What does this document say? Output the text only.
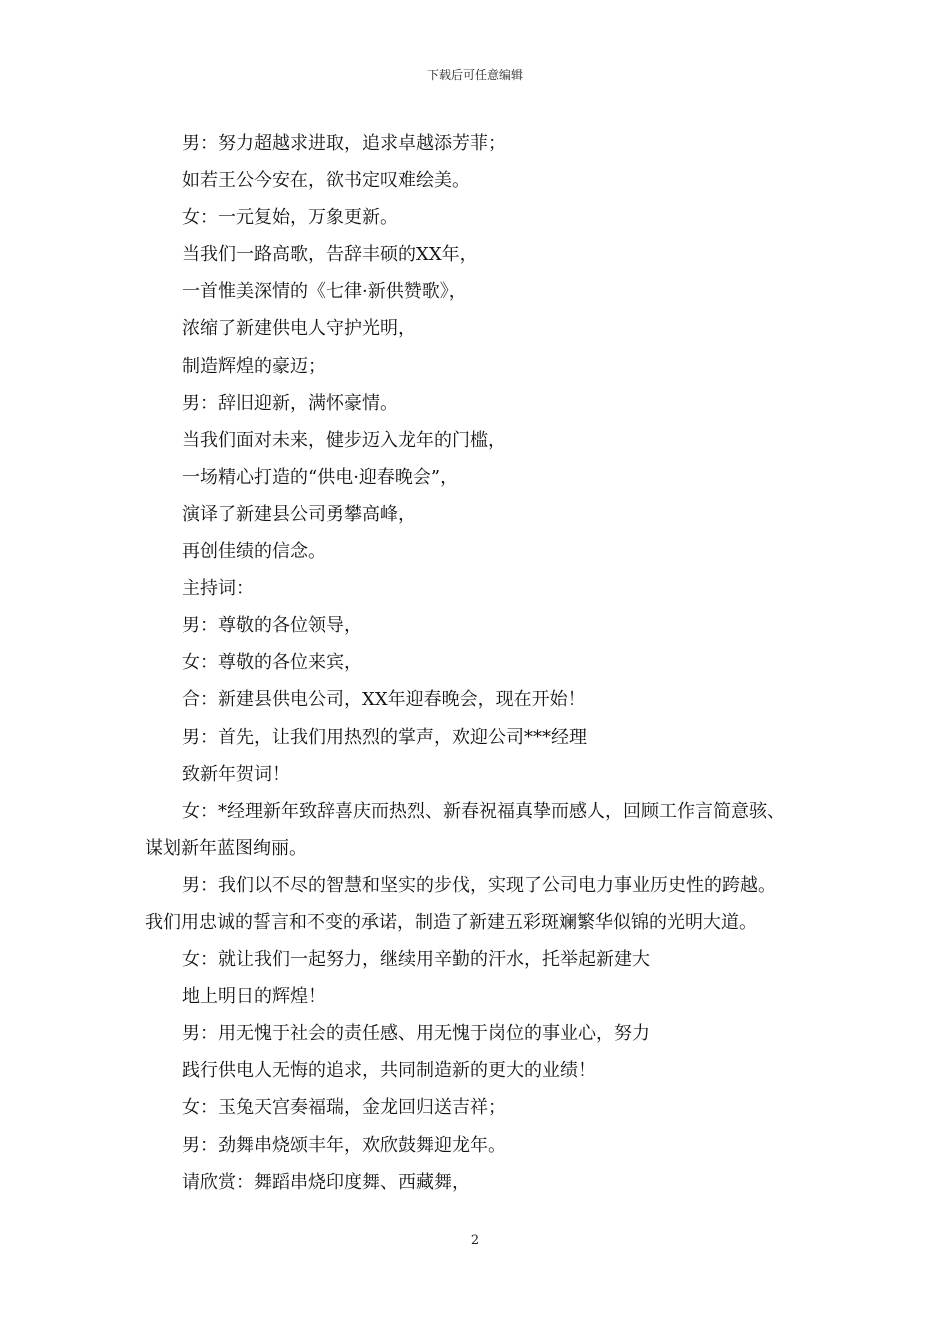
下载后可任意编辑
男：努力超越求进取，追求卓越添芳菲；
如若王公今安在，欲书定叹难绘美。
女：一元复始，万象更新。
当我们一路高歌，告辞丰硕的XX年，
一首惟美深情的《七律·新供赞歌》，
浓缩了新建供电人守护光明，
制造辉煌的豪迈；
男：辞旧迎新，满怀豪情。
当我们面对未来，健步迈入龙年的门槛，
一场精心打造的“供电·迎春晚会”，
演译了新建县公司勇攀高峰，
再创佳绩的信念。
主持词：
男：尊敬的各位领导，
女：尊敬的各位来宾，
合：新建县供电公司，XX年迎春晚会，现在开始！
男：首先，让我们用热烈的掌声，欢迎公司***经理
致新年贺词！
女：*经理新年致辞喜庆而热烈、新春祝福真挚而感人，回顾工作言简意骇、
谋划新年蓝图绚丽。
男：我们以不尽的智慧和坚实的步伐，实现了公司电力事业历史性的跨越。
我们用忠诚的誓言和不变的承诺，制造了新建五彩斑斓繁华似锦的光明大道。
女：就让我们一起努力，继续用辛勤的汗水，托举起新建大
地上明日的辉煌！
男：用无愧于社会的责任感、用无愧于岗位的事业心，努力
践行供电人无悔的追求，共同制造新的更大的业绩！
女：玉兔天宫奏福瑞，金龙回归送吉祥；
男：劲舞串烧颂丰年，欢欣鼓舞迎龙年。
请欣赏：舞蹈串烧印度舞、西藏舞，
2
